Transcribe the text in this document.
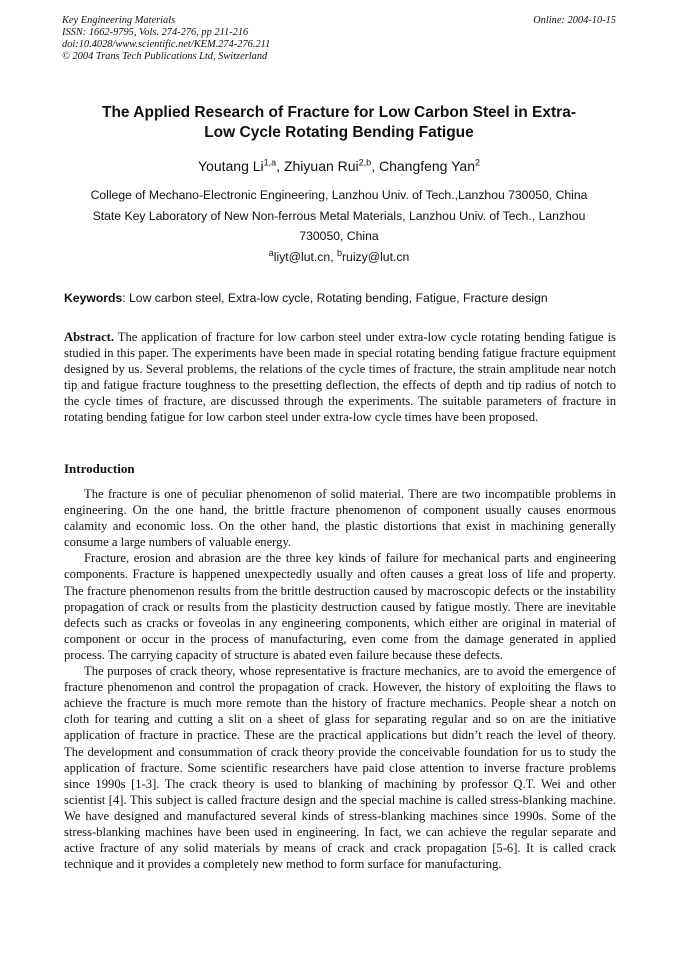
Key Engineering Materials
ISSN: 1662-9795, Vols. 274-276, pp 211-216
doi:10.4028/www.scientific.net/KEM.274-276.211
© 2004 Trans Tech Publications Ltd, Switzerland
Online: 2004-10-15
The Applied Research of Fracture for Low Carbon Steel in Extra-
Low Cycle Rotating Bending Fatigue
Youtang Li$^{1,a}$, Zhiyuan Rui$^{2,b}$, Changfeng Yan$^2$
College of Mechano-Electronic Engineering, Lanzhou Univ. of Tech.,Lanzhou 730050, China
State Key Laboratory of New Non-ferrous Metal Materials, Lanzhou Univ. of Tech., Lanzhou
730050, China
$^a$liyt@lut.cn, $^b$ruizy@lut.cn
Keywords: Low carbon steel, Extra-low cycle, Rotating bending, Fatigue, Fracture design
Abstract. The application of fracture for low carbon steel under extra-low cycle rotating bending fatigue is studied in this paper. The experiments have been made in special rotating bending fatigue fracture equipment designed by us. Several problems, the relations of the cycle times of fracture, the strain amplitude near notch tip and fatigue fracture toughness to the presetting deflection, the effects of depth and tip radius of notch to the cycle times of fracture, are discussed through the experiments. The suitable parameters of fracture in rotating bending fatigue for low carbon steel under extra-low cycle times have been proposed.
Introduction

The fracture is one of peculiar phenomenon of solid material. There are two incompatible problems in engineering. On the one hand, the brittle fracture phenomenon of component usually causes enormous calamity and economic loss. On the other hand, the plastic distortions that exist in machining generally consume a large numbers of valuable energy.

Fracture, erosion and abrasion are the three key kinds of failure for mechanical parts and engineering components. Fracture is happened unexpectedly usually and often causes a great loss of life and property. The fracture phenomenon results from the brittle destruction caused by macroscopic defects or the instability propagation of crack or results from the plasticity destruction caused by fatigue mostly. There are inevitable defects such as cracks or foveolas in any engineering components, which either are original in material of component or occur in the process of manufacturing, even come from the damage generated in applied process. The carrying capacity of structure is abated even failure because these defects.

The purposes of crack theory, whose representative is fracture mechanics, are to avoid the emergence of fracture phenomenon and control the propagation of crack. However, the history of exploiting the flaws to achieve the fracture is much more remote than the history of fracture mechanics. People shear a notch on cloth for tearing and cutting a slit on a sheet of glass for separating regular and so on are the initiative application of fracture in practice. These are the practical applications but didn’t reach the level of theory. The development and consummation of crack theory provide the conceivable foundation for us to study the application of fracture. Some scientific researchers have paid close attention to inverse fracture problems since 1990s [1-3]. The crack theory is used to blanking of machining by professor Q.T. Wei and other scientist [4]. This subject is called fracture design and the special machine is called stress-blanking machine. We have designed and manufactured several kinds of stress-blanking machines since 1990s. Some of the stress-blanking machines have been used in engineering. In fact, we can achieve the regular separate and active fracture of any solid materials by means of crack and crack propagation [5-6]. It is called crack technique and it provides a completely new method to form surface for manufacturing.
